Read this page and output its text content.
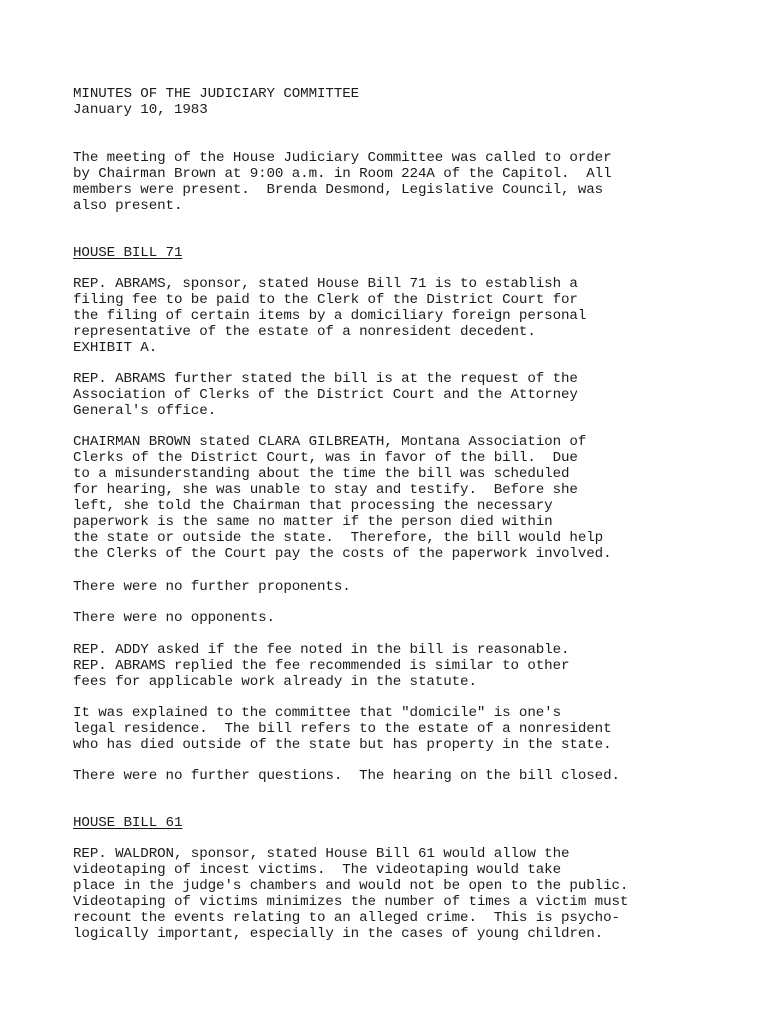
MINUTES OF THE JUDICIARY COMMITTEE
January 10, 1983
The meeting of the House Judiciary Committee was called to order
by Chairman Brown at 9:00 a.m. in Room 224A of the Capitol.  All
members were present.  Brenda Desmond, Legislative Council, was
also present.
HOUSE BILL 71
REP. ABRAMS, sponsor, stated House Bill 71 is to establish a
filing fee to be paid to the Clerk of the District Court for
the filing of certain items by a domiciliary foreign personal
representative of the estate of a nonresident decedent.
EXHIBIT A.
REP. ABRAMS further stated the bill is at the request of the
Association of Clerks of the District Court and the Attorney
General's office.
CHAIRMAN BROWN stated CLARA GILBREATH, Montana Association of
Clerks of the District Court, was in favor of the bill.  Due
to a misunderstanding about the time the bill was scheduled
for hearing, she was unable to stay and testify.  Before she
left, she told the Chairman that processing the necessary
paperwork is the same no matter if the person died within
the state or outside the state.  Therefore, the bill would help
the Clerks of the Court pay the costs of the paperwork involved.
There were no further proponents.
There were no opponents.
REP. ADDY asked if the fee noted in the bill is reasonable.
REP. ABRAMS replied the fee recommended is similar to other
fees for applicable work already in the statute.
It was explained to the committee that "domicile" is one's
legal residence.  The bill refers to the estate of a nonresident
who has died outside of the state but has property in the state.
There were no further questions.  The hearing on the bill closed.
HOUSE BILL 61
REP. WALDRON, sponsor, stated House Bill 61 would allow the
videotaping of incest victims.  The videotaping would take
place in the judge's chambers and would not be open to the public.
Videotaping of victims minimizes the number of times a victim must
recount the events relating to an alleged crime.  This is psycho-
logically important, especially in the cases of young children.
